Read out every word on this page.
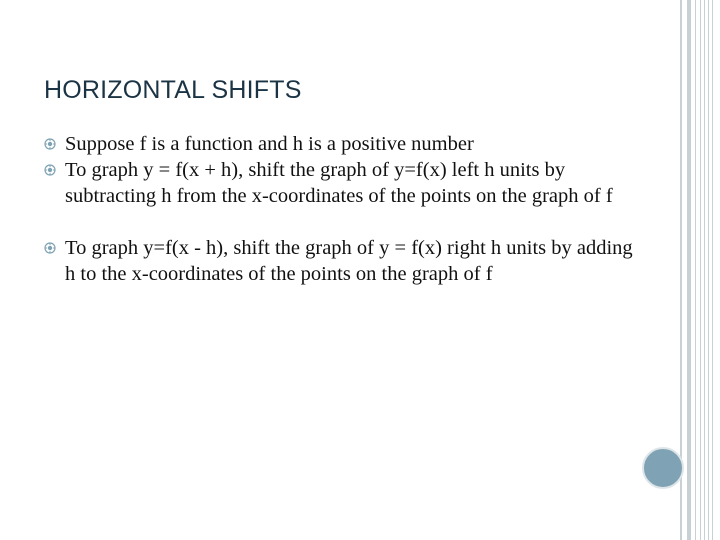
HORIZONTAL SHIFTS
Suppose f is a function and h is a positive number
To graph y = f(x + h), shift the graph of y=f(x) left h units by subtracting h from the x-coordinates of the points on the graph of f
To graph y=f(x - h), shift the graph of y = f(x) right h units by adding h to the x-coordinates of the points on the graph of f
